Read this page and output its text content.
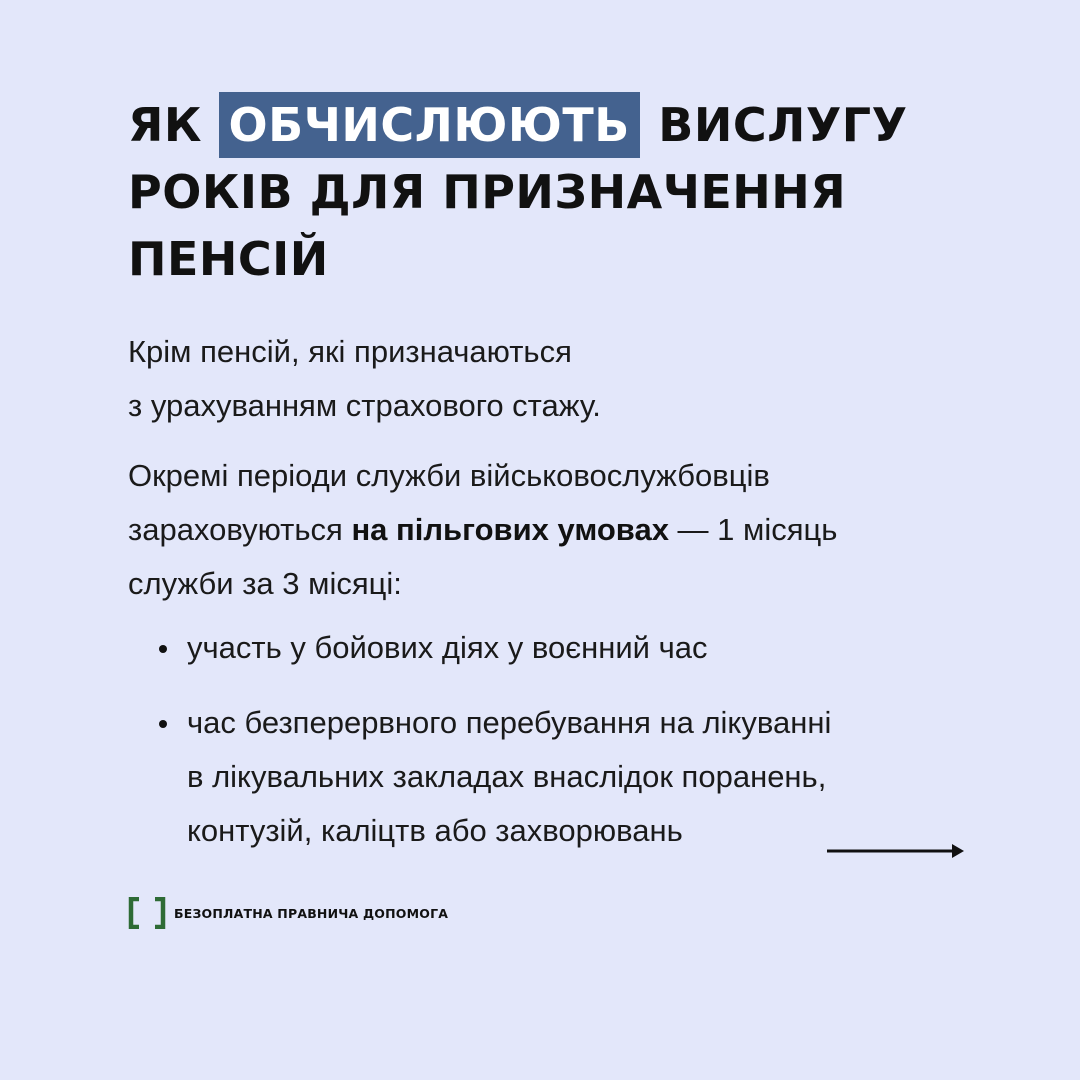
ЯК ОБЧИСЛЮЮТЬ ВИСЛУГУ
РОКІВ ДЛЯ ПРИЗНАЧЕННЯ
ПЕНСІЙ

Крім пенсій, які призначаються
з урахуванням страхового стажу.

Окремі періоди служби військовослужбовців
зараховуються на пільгових умовах — 1 місяць
служби за 3 місяці:

участь у бойових діях у воєнний час
час безперервного перебування на лікуванні
в лікувальних закладах внаслідок поранень,
контузій, каліцтв або захворювань
БЕЗОПЛАТНА ПРАВНИЧА ДОПОМОГА
